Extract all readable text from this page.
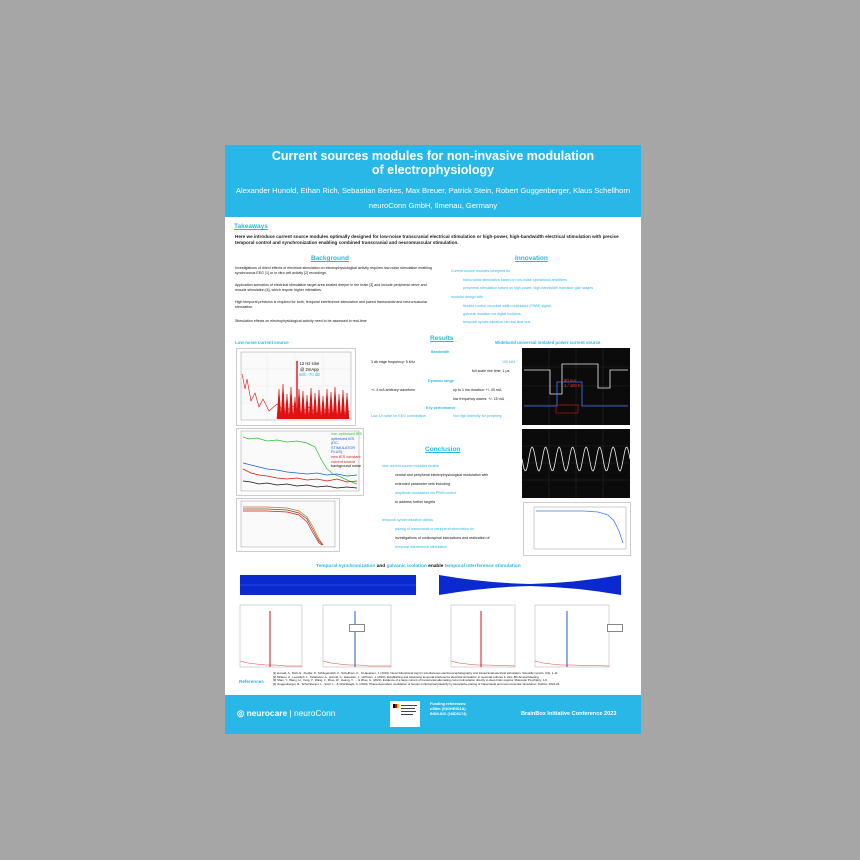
Current sources modules for non-invasive modulation
of electrophysiology
Alexander Hunold, Ethan Rich, Sebastian Berkes, Max Breuer, Patrick Stein, Robert Guggenberger, Klaus Schellhorn
neuroConn GmbH, Ilmenau, Germany
Takeaways
Here we introduce current source modules optimally designed for low-noise transcranial electrical stimulation or high-power, high-bandwidth electrical stimulation with precise temporal control and synchronization enabling combined transcranial and neuromuscular stimulation.
Background
Investigations of direct effects of electrical stimulation on electrophysiological activity requires low-noise stimulation enabling synchronous EEG [1] or in vitro cell activity [2] recordings.
Application scenarios of electrical stimulation target area located deeper in the brain [3] and include peripheral nerve and muscle stimulation [4], which require higher intensities.
High temporal precision is required for both, temporal interference stimulation and paired transcranial and neuromuscular stimulation.
Stimulation effects on electrophysiological activity need to be assessed in real-time
Innovation
Current source modules designed for
transcranial stimulation based on low-noise operational amplifiers
peripheral stimulation based on high-power, high-bandwidth transistor gain stages
modular design with
flexible control via pulse width modulated (PWM) signal,
galvanic isolation via digital isolators,
temporal synchronization via real-time bus
Results
Low-noise current source	Wideband universal isolated power current source
12 Hz sine
@ 2mApp
with -70 dB
non-optimized tES
optimized tES (DC-STIMULATOR PLUS)
new tES constant current source
background noise
Bandwidth
3 db edge frequency: 5 kHz	100 kHz
full scale rise time: 1 µs
Dynamic range
+/- 4 mA arbitrary waveform	up to 1 ms duration: +/- 40 mA
low frequency waves: +/- 15 mA
Key performance
Low 1/f noise for EEG combination	Not high intensity for periphery
80 mA
1 / 100 K
Conclusion
new current source modules enable
central and peripheral electrophysiological modulation with
extended parameter sets including
amplitude modulation via PWM control
to address further targets
temporal synchronization allows
pairing of transcranial or peripheral stimulation for
investigations of corticospinal interactions and realization of
temporal interference stimulation
Temporal synchronization and galvanic isolation enable temporal interference stimulation
References
[1] Hunold, A., Rich, E., Fiedler, P., Schlegelmilch, F., Schellhorn, K., & Haueisen, J. (2019). Novel bifunctional cap for simultaneous electroencephalography and transcranial electrical stimulation. Scientific reports, 9(1), 1-11.
[2] Mitterer, A., Leodolph, L., Tarabanov, A., Hunold, A., Haueisen, J., Hoffman, J. (2023). Establishing and assessing temporal interference electrical stimulation in neuronal cultures in vitro. 8th Annual Meeting.
[3] Shan, Y., Wang, H., Yang, Y., Wang, J., Zhao, W., Huang, Y., ... & Zhao, G. (2023). Evidence of a large current of transcranial alternating current stimulation directly to deep brain regions. Molecular Psychiatry, 1-9.
[4] Guggenberger, R., Scheinberger, L., Scott, L., & Gharabaghi, A. (2023). Phase-dependent modulation of human corticospinal plasticity by associative pairing of transcranial and neuromuscular stimulation. bioRxiv, 2023-04.
◎ neurocare | neuroConn
Funding references:
nStim (03GHE001A)
INDILINC (16ID0174)	BrainBox Initiative Conference 2023
